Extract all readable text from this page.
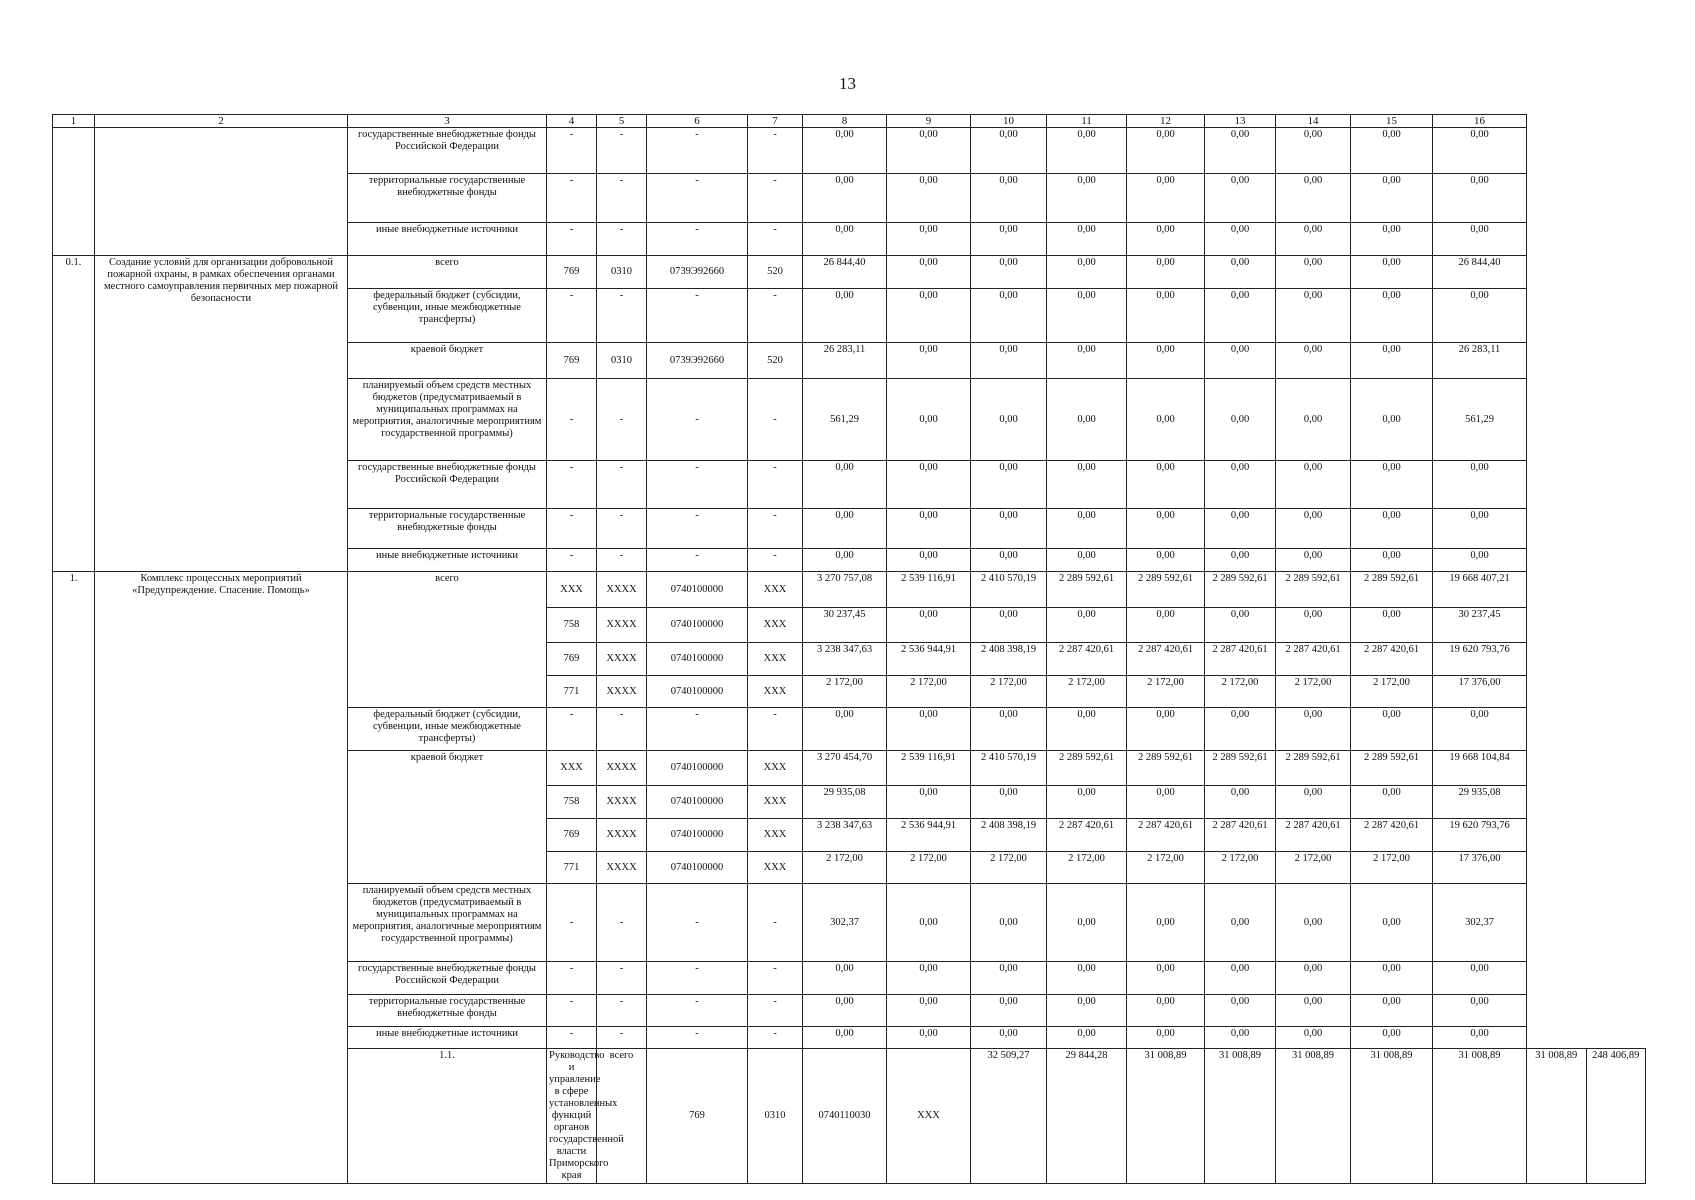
13
1	2	3	4	5	6	7	8	9	10	11	12	13	14	15	16		
		государственные внебюджетные фонды Российской Федерации	-	-	-	-	0,00	0,00	0,00	0,00	0,00	0,00	0,00	0,00	0,00		
		территориальные государственные внебюджетные фонды	-	-	-	-	0,00	0,00	0,00	0,00	0,00	0,00	0,00	0,00	0,00		
		иные внебюджетные источники	-	-	-	-	0,00	0,00	0,00	0,00	0,00	0,00	0,00	0,00	0,00		
0.1.	Создание условий для организации добровольной пожарной охраны, в рамках обеспечения органами местного самоуправления первичных мер пожарной безопасности	всего	769	0310	0739Э92660	520	26 844,40	0,00	0,00	0,00	0,00	0,00	0,00	0,00	26 844,40		
		федеральный бюджет (субсидии, субвенции, иные межбюджетные трансферты)	-	-	-	-	0,00	0,00	0,00	0,00	0,00	0,00	0,00	0,00	0,00		
		краевой бюджет	769	0310	0739Э92660	520	26 283,11	0,00	0,00	0,00	0,00	0,00	0,00	0,00	26 283,11		
		планируемый объем средств местных бюджетов (предусматриваемый в муниципальных программах на мероприятия, аналогичные мероприятиям государственной программы)	-	-	-	-	561,29	0,00	0,00	0,00	0,00	0,00	0,00	0,00	561,29		
		государственные внебюджетные фонды Российской Федерации	-	-	-	-	0,00	0,00	0,00	0,00	0,00	0,00	0,00	0,00	0,00		
		территориальные государственные внебюджетные фонды	-	-	-	-	0,00	0,00	0,00	0,00	0,00	0,00	0,00	0,00	0,00		
		иные внебюджетные источники	-	-	-	-	0,00	0,00	0,00	0,00	0,00	0,00	0,00	0,00	0,00		
1.	Комплекс процессных мероприятий «Предупреждение. Спасение. Помощь»	всего	XXX	XXXX	0740100000	XXX	3 270 757,08	2 539 116,91	2 410 570,19	2 289 592,61	2 289 592,61	2 289 592,61	2 289 592,61	2 289 592,61	19 668 407,21		
			758	XXXX	0740100000	XXX	30 237,45	0,00	0,00	0,00	0,00	0,00	0,00	0,00	30 237,45		
			769	XXXX	0740100000	XXX	3 238 347,63	2 536 944,91	2 408 398,19	2 287 420,61	2 287 420,61	2 287 420,61	2 287 420,61	2 287 420,61	19 620 793,76		
			771	XXXX	0740100000	XXX	2 172,00	2 172,00	2 172,00	2 172,00	2 172,00	2 172,00	2 172,00	2 172,00	17 376,00		
		федеральный бюджет (субсидии, субвенции, иные межбюджетные трансферты)	-	-	-	-	0,00	0,00	0,00	0,00	0,00	0,00	0,00	0,00	0,00		
		краевой бюджет	XXX	XXXX	0740100000	XXX	3 270 454,70	2 539 116,91	2 410 570,19	2 289 592,61	2 289 592,61	2 289 592,61	2 289 592,61	2 289 592,61	19 668 104,84		
			758	XXXX	0740100000	XXX	29 935,08	0,00	0,00	0,00	0,00	0,00	0,00	0,00	29 935,08		
			769	XXXX	0740100000	XXX	3 238 347,63	2 536 944,91	2 408 398,19	2 287 420,61	2 287 420,61	2 287 420,61	2 287 420,61	2 287 420,61	19 620 793,76		
			771	XXXX	0740100000	XXX	2 172,00	2 172,00	2 172,00	2 172,00	2 172,00	2 172,00	2 172,00	2 172,00	17 376,00		
		планируемый объем средств местных бюджетов (предусматриваемый в муниципальных программах на мероприятия, аналогичные мероприятиям государственной программы)	-	-	-	-	302,37	0,00	0,00	0,00	0,00	0,00	0,00	0,00	302,37		
		государственные внебюджетные фонды Российской Федерации	-	-	-	-	0,00	0,00	0,00	0,00	0,00	0,00	0,00	0,00	0,00		
		территориальные государственные внебюджетные фонды	-	-	-	-	0,00	0,00	0,00	0,00	0,00	0,00	0,00	0,00	0,00		
		иные внебюджетные источники	-	-	-	-	0,00	0,00	0,00	0,00	0,00	0,00	0,00	0,00	0,00		
		1.1.	Руководство и управление в сфере установленных функций органов государственной власти Приморского края	всего	769	0310	0740110030	XXX	32 509,27	29 844,28	31 008,89	31 008,89	31 008,89	31 008,89	31 008,89	31 008,89	248 406,89
